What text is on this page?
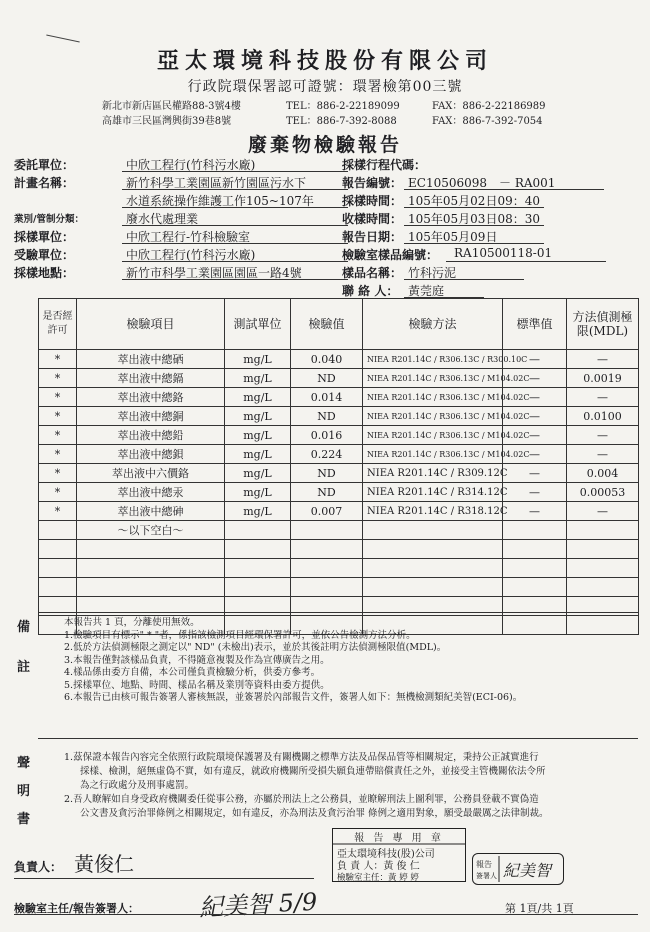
亞太環境科技股份有限公司
行政院環保署認可證號：環署檢第00三號
新北市新店區民權路88-3號4樓	TEL：886-2-22189099	FAX：886-2-22186989
高雄市三民區灣興街39巷8號	TEL：886-7-392-8088	FAX：886-7-392-7054
廢棄物檢驗報告
委託單位：	中欣工程行(竹科污水廠)
計畫名稱：	新竹科學工業園區新竹園區污水下
水道系統操作維護工作105~107年
業別/管制分類：	廢水代處理業
採樣單位：	中欣工程行-竹科檢驗室
受驗單位：	中欣工程行(竹科污水廠)
採樣地點：	新竹市科學工業園區園區一路4號
採樣行程代碼：
報告編號： EC10506098　－ RA001
採樣時間： 105年05月02日09：40
收樣時間： 105年05月03日08：30
報告日期： 105年05月09日
檢驗室樣品編號： RA10500118-01
樣品名稱： 竹科污泥
聯 絡 人： 黃莞庭
是否經許可	檢驗項目	測試單位	檢驗值	檢驗方法	標準值	方法偵測極限(MDL)
*	萃出液中總硒	mg/L	0.040	NIEA R201.14C / R306.13C / R300.10C	—	—
*	萃出液中總鎘	mg/L	ND	NIEA R201.14C / R306.13C / M104.02C	—	0.0019
*	萃出液中總鉻	mg/L	0.014	NIEA R201.14C / R306.13C / M104.02C	—	—
*	萃出液中總銅	mg/L	ND	NIEA R201.14C / R306.13C / M104.02C	—	0.0100
*	萃出液中總鉛	mg/L	0.016	NIEA R201.14C / R306.13C / M104.02C	—	—
*	萃出液中總鋇	mg/L	0.224	NIEA R201.14C / R306.13C / M104.02C	—	—
*	萃出液中六價鉻	mg/L	ND	NIEA R201.14C / R309.12C	—	0.004
*	萃出液中總汞	mg/L	ND	NIEA R201.14C / R314.12C	—	0.00053
*	萃出液中總砷	mg/L	0.007	NIEA R201.14C / R318.12C	—	—
	～以下空白～					

備
註
本報告共 1 頁，分離使用無效。
1.檢驗項目有標示" * "者，係指該檢測項目經環保署許可，並依公告檢測方法分析。
2.低於方法偵測極限之測定以" ND" (未檢出)表示，並於其後註明方法偵測極限值(MDL)。
3.本報告僅對該樣品負責，不得隨意複製及作為宣傳廣告之用。
4.樣品係由委方自備，本公司僅負責檢驗分析，供委方參考。
5.採樣單位、地點、時間、樣品名稱及業別等資料由委方提供。
6.本報告已由核可報告簽署人審核無誤，並簽署於內部報告文件，簽署人如下：無機檢測類紀美智(ECI-06)。
聲
明
書
1.茲保證本報告內容完全依照行政院環境保護署及有關機關之標準方法及品保品管等相關規定，秉持公正誠實進行
採樣、檢測，絕無虛偽不實，如有違反，就政府機關所受損失願負連帶賠償責任之外，並接受主管機關依法令所
為之行政處分及刑事處罰。
2.吾人瞭解如自身受政府機關委任從事公務，亦屬於刑法上之公務員，並瞭解刑法上圖利罪，公務員登載不實偽造
公文書及貪污治罪條例之相關規定，如有違反，亦為刑法及貪污治罪 條例之適用對象，願受最嚴厲之法律制裁。
報 告 專 用 章
亞太環境科技(股)公司
負 責 人：黃 俊 仁
檢驗室主任：黃 婷 婷
報告
簽署人 紀美智
負責人： 黃俊仁
檢驗室主任/報告簽署人： 紀美智 5/9	第 1頁/共 1頁
